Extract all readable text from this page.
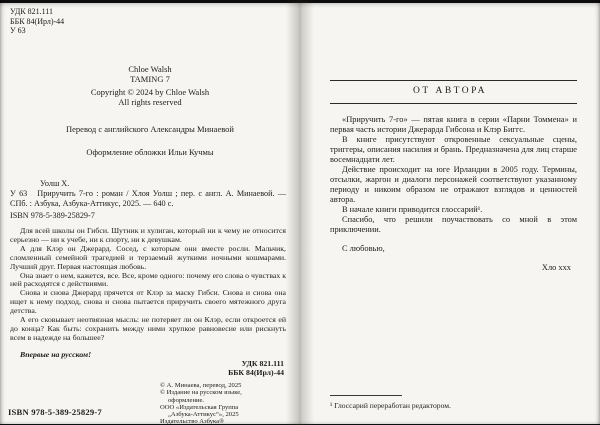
УДК 821.111
ББК 84(Ирл)-44
У 63
Chloe Walsh
TAMING 7
Copyright © 2024 by Chloe Walsh
All rights reserved
Перевод с английского Александры Минаевой
Оформление обложки Ильи Кучмы
Уолш Х.
У 63 Приручить 7-го : роман / Хлоя Уолш ; пер. с англ. А. Минаевой. — СПб. : Азбука, Азбука-Аттикус, 2025. — 640 с.
ISBN 978-5-389-25829-7

Для всей школы он Гибси. Шутник и хулиган, который ни к чему не относится серьезно — ни к учебе, ни к спорту, ни к девушкам.

А для Клэр он Джерард. Сосед, с которым они вместе росли. Мальчик, сломленный семейной трагедией и терзаемый жуткими ночными кошмарами. Лучший друг. Первая настоящая любовь.

Она знает о нем, кажется, все. Все, кроме одного: почему его слова о чувствах к ней расходятся с действиями.

Снова и снова Джерард прячется от Клэр за маску Гибси. Снова и снова она ищет к нему подход, снова и снова пытается приручить своего мятежного друга детства.

А его сковывает неотвязная мысль: не потеряет ли он Клэр, если откроется ей до конца? Как быть: сохранить между ними хрупкое равновесие или рискнуть всем в надежде на большее?

Впервые на русском!
УДК 821.111
ББК 84(Ирл)-44
© А. Минаева, перевод, 2025
© Издание на русском языке,
оформление.
ООО «Издательская Группа
„Азбука-Аттикус“», 2025
Издательство Азбука®
ISBN 978-5-389-25829-7
ОТ АВТОРА

«Приручить 7-го» — пятая книга в серии «Парни Томмена» и первая часть истории Джерарда Гибсона и Клэр Биггс.

В книге присутствуют откровенные сексуальные сцены, триггеры, описания насилия и брань. Предназначена для лиц старше восемнадцати лет.

Действие происходит на юге Ирландии в 2005 году. Термины, отсылки, жаргон и диалоги персонажей соответствуют указанному периоду и никоим образом не отражают взглядов и ценностей автора.

В начале книги приводится глоссарий¹.

Спасибо, что решили поучаствовать со мной в этом приключении.

С любовью,

Хло ххх
¹ Глоссарий переработан редактором.
